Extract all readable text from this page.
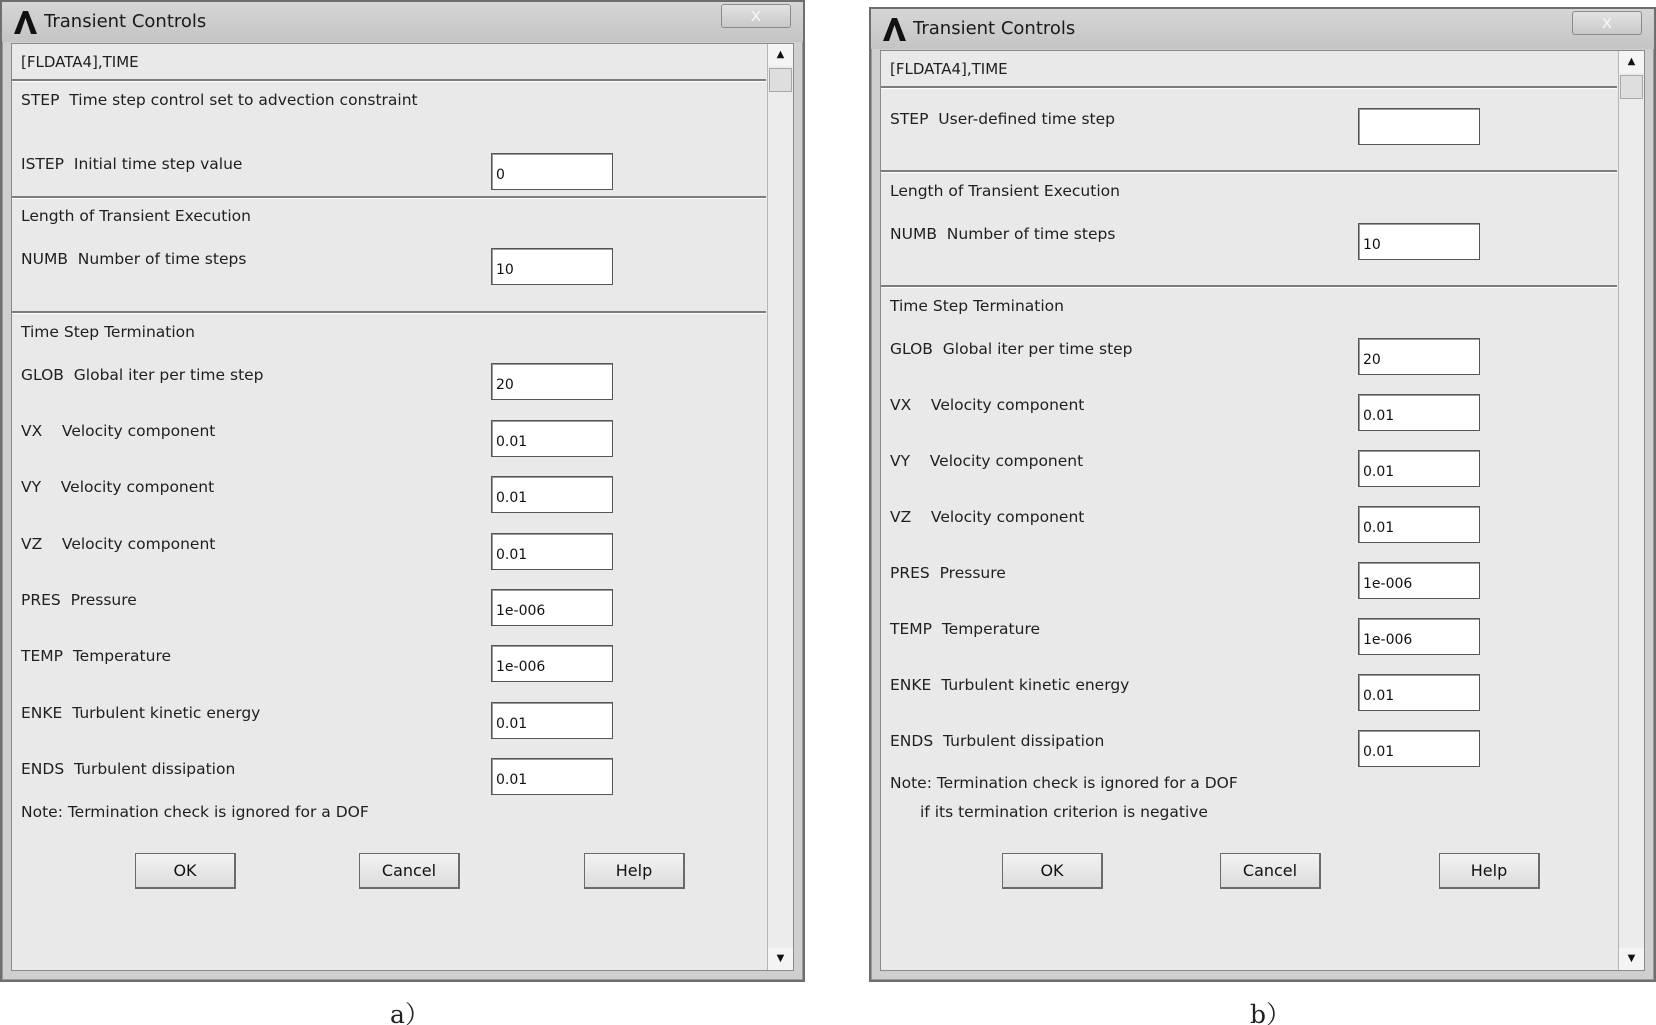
Transient Controls	x
[FLDATA4],TIME
STEP  Time step control set to advection constraint
ISTEP  Initial time step value
0
Length of Transient Execution
NUMB  Number of time steps
10
Time Step Termination
GLOB  Global iter per time step
20
VX    Velocity component
0.01
VY    Velocity component
0.01
VZ    Velocity component
0.01
PRES  Pressure
1e-006
TEMP  Temperature
1e-006
ENKE  Turbulent kinetic energy
0.01
ENDS  Turbulent dissipation
0.01
Note: Termination check is ignored for a DOF
OK	Cancel	Help
▲
▼
Transient Controls	x
[FLDATA4],TIME
STEP  User-defined time step
Length of Transient Execution
NUMB  Number of time steps
10
Time Step Termination
GLOB  Global iter per time step
20
VX    Velocity component
0.01
VY    Velocity component
0.01
VZ    Velocity component
0.01
PRES  Pressure
1e-006
TEMP  Temperature
1e-006
ENKE  Turbulent kinetic energy
0.01
ENDS  Turbulent dissipation
0.01
Note: Termination check is ignored for a DOF
if its termination criterion is negative
OK	Cancel	Help
▲
▼
a）	b）
